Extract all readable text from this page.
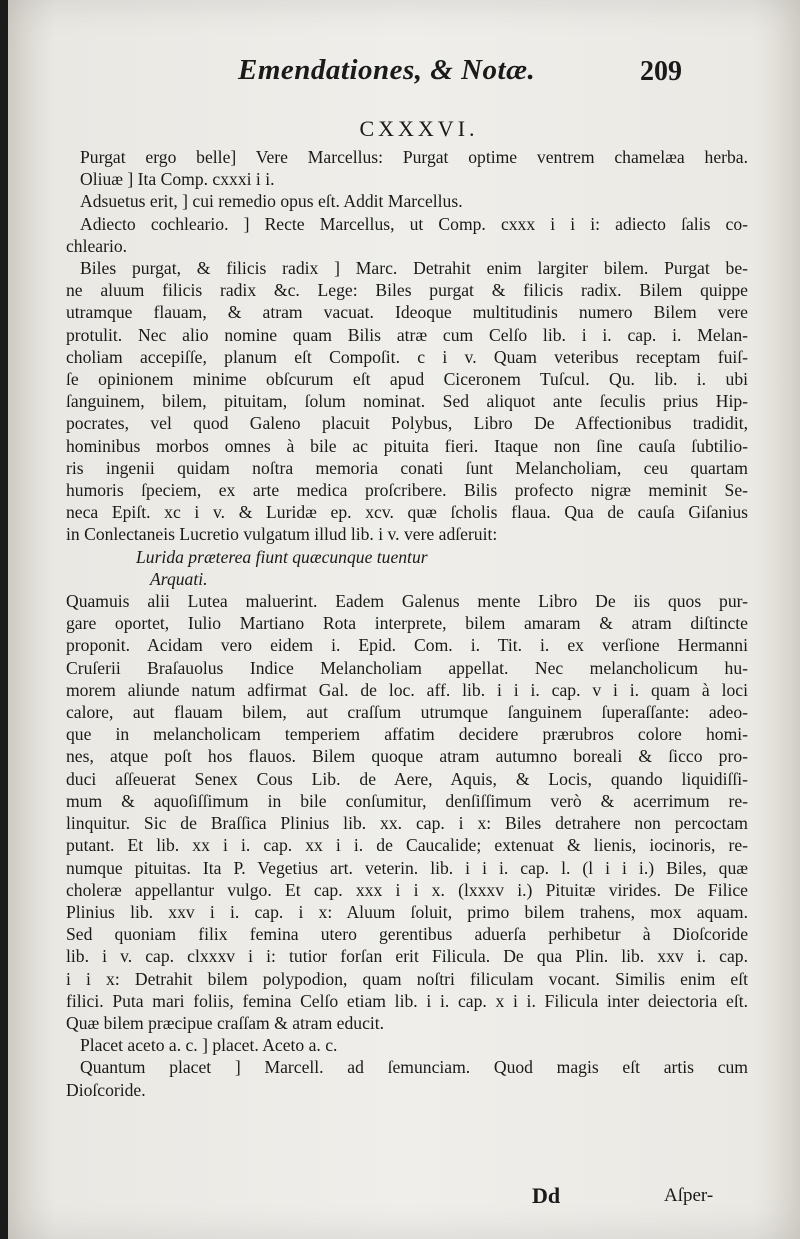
Emendationes, & Notæ.	209
CXXXVI.
Purgat ergo belle] Vere Marcellus: Purgat optime ventrem chamelæa herba.
Oliuæ ] Ita Comp. cxxxi i i.
Adsuetus erit, ] cui remedio opus eſt. Addit Marcellus.
Adiecto cochleario. ] Recte Marcellus, ut Comp. cxxx i i i: adiecto ſalis co-
chleario.
Biles purgat, & filicis radix ] Marc. Detrahit enim largiter bilem. Purgat be-
ne aluum filicis radix &c. Lege: Biles purgat & filicis radix. Bilem quippe
utramque flauam, & atram vacuat. Ideoque multitudinis numero Bilem vere
protulit. Nec alio nomine quam Bilis atræ cum Celſo lib. i i. cap. i. Melan-
choliam accepiſſe, planum eſt Compoſit. c i v. Quam veteribus receptam fuiſ-
ſe opinionem minime obſcurum eſt apud Ciceronem Tuſcul. Qu. lib. i. ubi
ſanguinem, bilem, pituitam, ſolum nominat. Sed aliquot ante ſeculis prius Hip-
pocrates, vel quod Galeno placuit Polybus, Libro De Affectionibus tradidit,
hominibus morbos omnes à bile ac pituita fieri. Itaque non ſine cauſa ſubtilio-
ris ingenii quidam noſtra memoria conati ſunt Melancholiam, ceu quartam
humoris ſpeciem, ex arte medica proſcribere. Bilis profecto nigræ meminit Se-
neca Epiſt. xc i v. & Luridæ ep. xcv. quæ ſcholis flaua. Qua de cauſa Giſanius
in Conlectaneis Lucretio vulgatum illud lib. i v. vere adſeruit:
Lurida præterea fiunt quæcunque tuentur
Arquati.
Quamuis alii Lutea maluerint. Eadem Galenus mente Libro De iis quos pur-
gare oportet, Iulio Martiano Rota interprete, bilem amaram & atram diſtincte
proponit. Acidam vero eidem i. Epid. Com. i. Tit. i. ex verſione Hermanni
Cruſerii Braſauolus Indice Melancholiam appellat. Nec melancholicum hu-
morem aliunde natum adfirmat Gal. de loc. aff. lib. i i i. cap. v i i. quam à loci
calore, aut flauam bilem, aut craſſum utrumque ſanguinem ſuperaſſante: adeo-
que in melancholicam temperiem affatim decidere prærubros colore homi-
nes, atque poſt hos flauos. Bilem quoque atram autumno boreali & ſicco pro-
duci aſſeuerat Senex Cous Lib. de Aere, Aquis, & Locis, quando liquidiſſi-
mum & aquoſiſſimum in bile conſumitur, denſiſſimum verò & acerrimum re-
linquitur. Sic de Braſſica Plinius lib. xx. cap. i x: Biles detrahere non percoctam
putant. Et lib. xx i i. cap. xx i i. de Caucalide; extenuat & lienis, iocinoris, re-
numque pituitas. Ita P. Vegetius art. veterin. lib. i i i. cap. l. (l i i i.) Biles, quæ
choleræ appellantur vulgo. Et cap. xxx i i x. (lxxxv i.) Pituitæ virides. De Filice
Plinius lib. xxv i i. cap. i x: Aluum ſoluit, primo bilem trahens, mox aquam.
Sed quoniam filix femina utero gerentibus aduerſa perhibetur à Dioſcoride
lib. i v. cap. clxxxv i i: tutior forſan erit Filicula. De qua Plin. lib. xxv i. cap.
i i x: Detrahit bilem polypodion, quam noſtri filiculam vocant. Similis enim eſt
filici. Puta mari foliis, femina Celſo etiam lib. i i. cap. x i i. Filicula inter deiectoria eſt.
Quæ bilem præcipue craſſam & atram educit.
Placet aceto a. c. ] placet. Aceto a. c.
Quantum placet ] Marcell. ad ſemunciam. Quod magis eſt artis cum
Dioſcoride.
Dd	Aſper-
